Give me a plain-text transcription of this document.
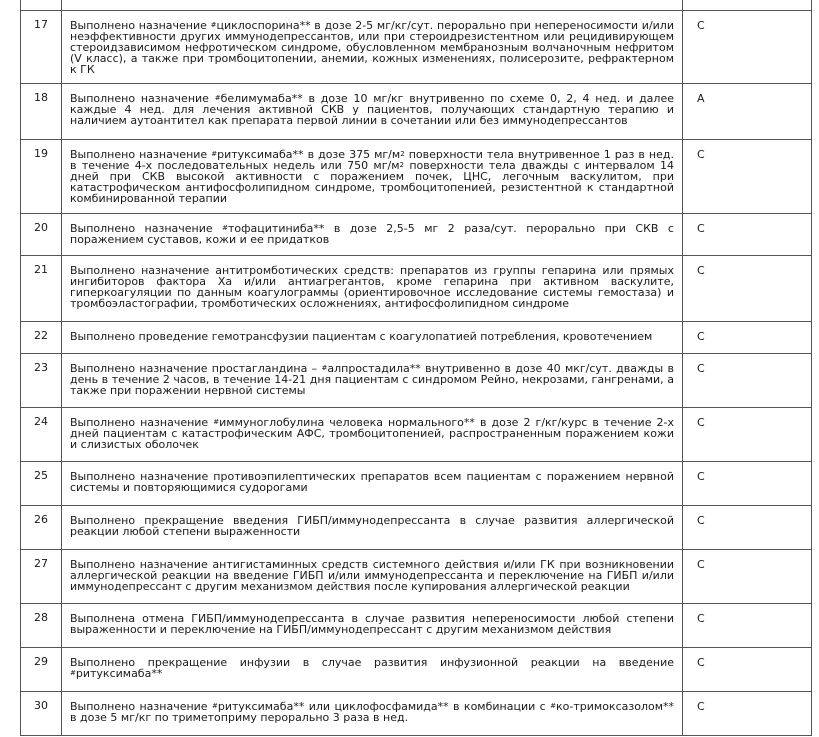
17	Выполнено назначение #циклоспорина** в дозе 2-5 мг/кг/сут. перорально при непереносимости и/или неэффективности других иммунодепрессантов, или при стероидрезистентном или рецидивирующем стероидзависимом нефротическом синдроме, обусловленном мембранозным волчаночным нефритом (V класс), а также при тромбоцитопении, анемии, кожных изменениях, полисерозите, рефрактерном к ГК	С
18	Выполнено назначение #белимумаба** в дозе 10 мг/кг внутривенно по схеме 0, 2, 4 нед. и далее каждые 4 нед. для лечения активной СКВ у пациентов, получающих стандартную терапию и наличием аутоантител как препарата первой линии в сочетании или без иммунодепрессантов	А
19	Выполнено назначение #ритуксимаба** в дозе 375 $мг/м^2$ поверхности тела внутривенное 1 раз в нед. в течение 4-х последовательных недель или 750 $мг/м^2$ поверхности тела дважды с интервалом 14 дней при СКВ высокой активности с поражением почек, ЦНС, легочным васкулитом, при катастрофическом антифосфолипидном синдроме, тромбоцитопенией, резистентной к стандартной комбинированной терапии	С
20	Выполнено назначение #тофацитиниба** в дозе 2,5-5 мг 2 раза/сут. перорально при СКВ с поражением суставов, кожи и ее придатков	С
21	Выполнено назначение антитромботических средств: препаратов из группы гепарина или прямых ингибиторов фактора Ха и/или антиагрегантов, кроме гепарина при активном васкулите, гиперкоагуляции по данным коагулограммы (ориентировочное исследование системы гемостаза) и тромбоэластографии, тромботических осложнениях, антифосфолипидном синдроме	С
22	Выполнено проведение гемотрансфузии пациентам с коагулопатией потребления, кровотечением	С
23	Выполнено назначение простагландина – #алпростадила** внутривенно в дозе 40 мкг/сут. дважды в день в течение 2 часов, в течение 14-21 дня пациентам с синдромом Рейно, некрозами, гангренами, а также при поражении нервной системы	С
24	Выполнено назначение #иммуноглобулина человека нормального** в дозе 2 г/кг/курс в течение 2-х дней пациентам с катастрофическим АФС, тромбоцитопенией, распространенным поражением кожи и слизистых оболочек	С
25	Выполнено назначение противоэпилептических препаратов всем пациентам с поражением нервной системы и повторяющимися судорогами	С
26	Выполнено прекращение введения ГИБП/иммунодепрессанта в случае развития аллергической реакции любой степени выраженности	С
27	Выполнено назначение антигистаминных средств системного действия и/или ГК при возникновении аллергической реакции на введение ГИБП и/или иммунодепрессанта и переключение на ГИБП и/или иммунодепрессант с другим механизмом действия после купирования аллергической реакции	С
28	Выполнена отмена ГИБП/иммунодепрессанта в случае развития непереносимости любой степени выраженности и переключение на ГИБП/иммунодепрессант с другим механизмом действия	С
29	Выполнено прекращение инфузии в случае развития инфузионной реакции на введение #ритуксимаба**	С
30	Выполнено назначение #ритуксимаба** или циклофосфамида** в комбинации с #ко-тримоксазолом** в дозе 5 мг/кг по триметоприму перорально 3 раза в нед.	С
